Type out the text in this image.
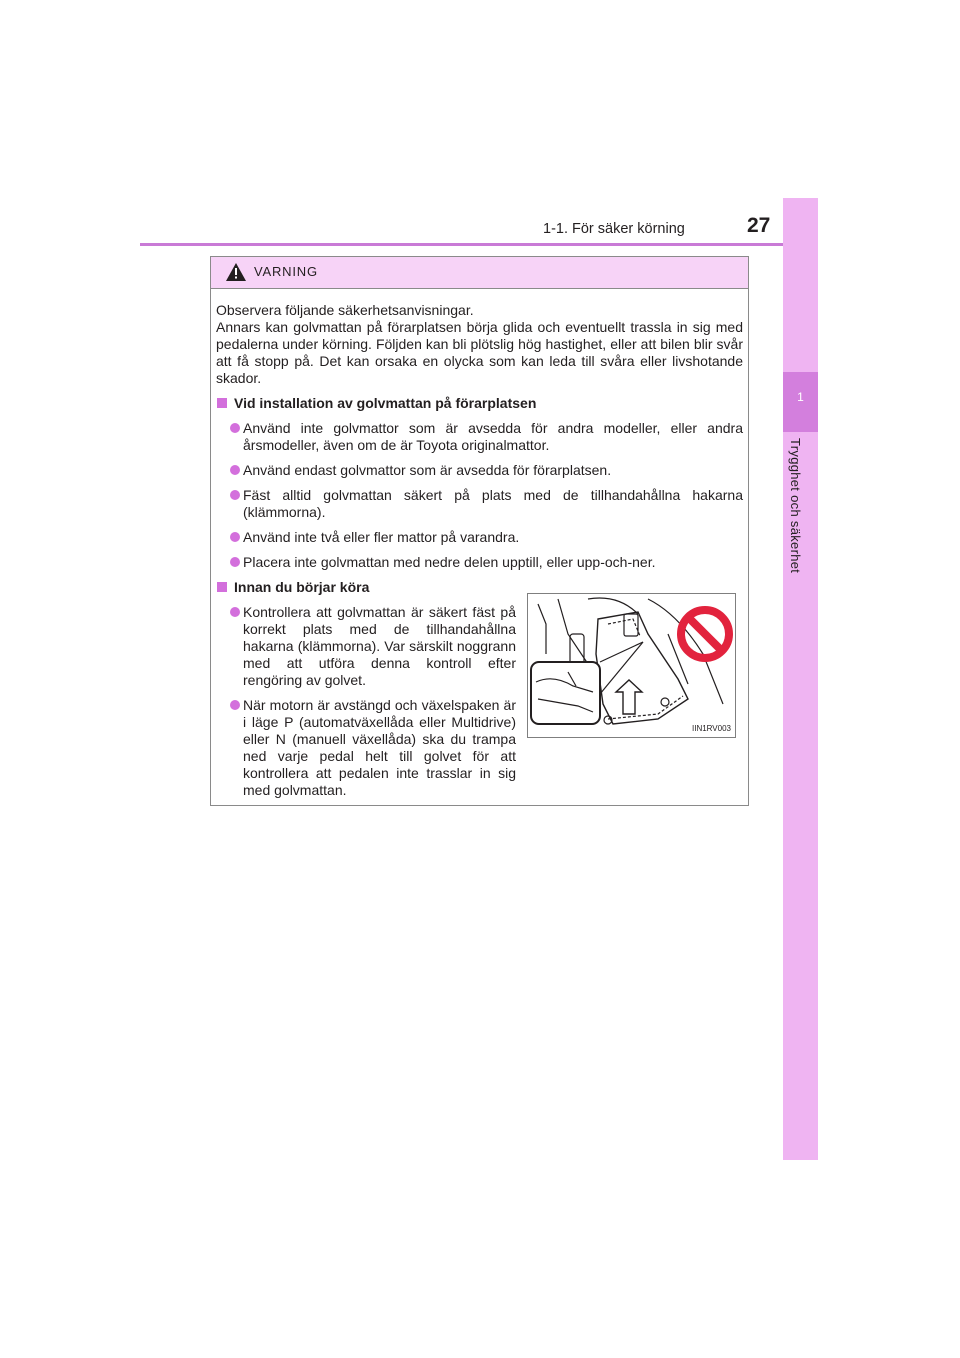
1-1. För säker körning	27
1
Trygghet och säkerhet
VARNING

Observera följande säkerhetsanvisningar.

Annars kan golvmattan på förarplatsen börja glida och eventuellt trassla in sig med pedalerna under körning. Följden kan bli plötslig hög hastighet, eller att bilen blir svår att få stopp på. Det kan orsaka en olycka som kan leda till svåra eller livshotande skador.

Vid installation av golvmattan på förarplatsen
Använd inte golvmattor som är avsedda för andra modeller, eller andra årsmodeller, även om de är Toyota originalmattor.
Använd endast golvmattor som är avsedda för förarplatsen.
Fäst alltid golvmattan säkert på plats med de tillhandahållna hakarna (klämmorna).
Använd inte två eller fler mattor på varandra.
Placera inte golvmattan med nedre delen upptill, eller upp-och-ner.
Innan du börjar köra
Kontrollera att golvmattan är säkert fäst på korrekt plats med de tillhandahållna hakarna (klämmorna). Var särskilt noggrann med att utföra denna kontroll efter rengöring av golvet.
När motorn är avstängd och växelspaken är i läge P (automatväxellåda eller Multidrive) eller N (manuell växellåda) ska du trampa ned varje pedal helt till golvet för att kontrollera att pedalen inte trasslar in sig med golvmattan.
IIN1RV003
